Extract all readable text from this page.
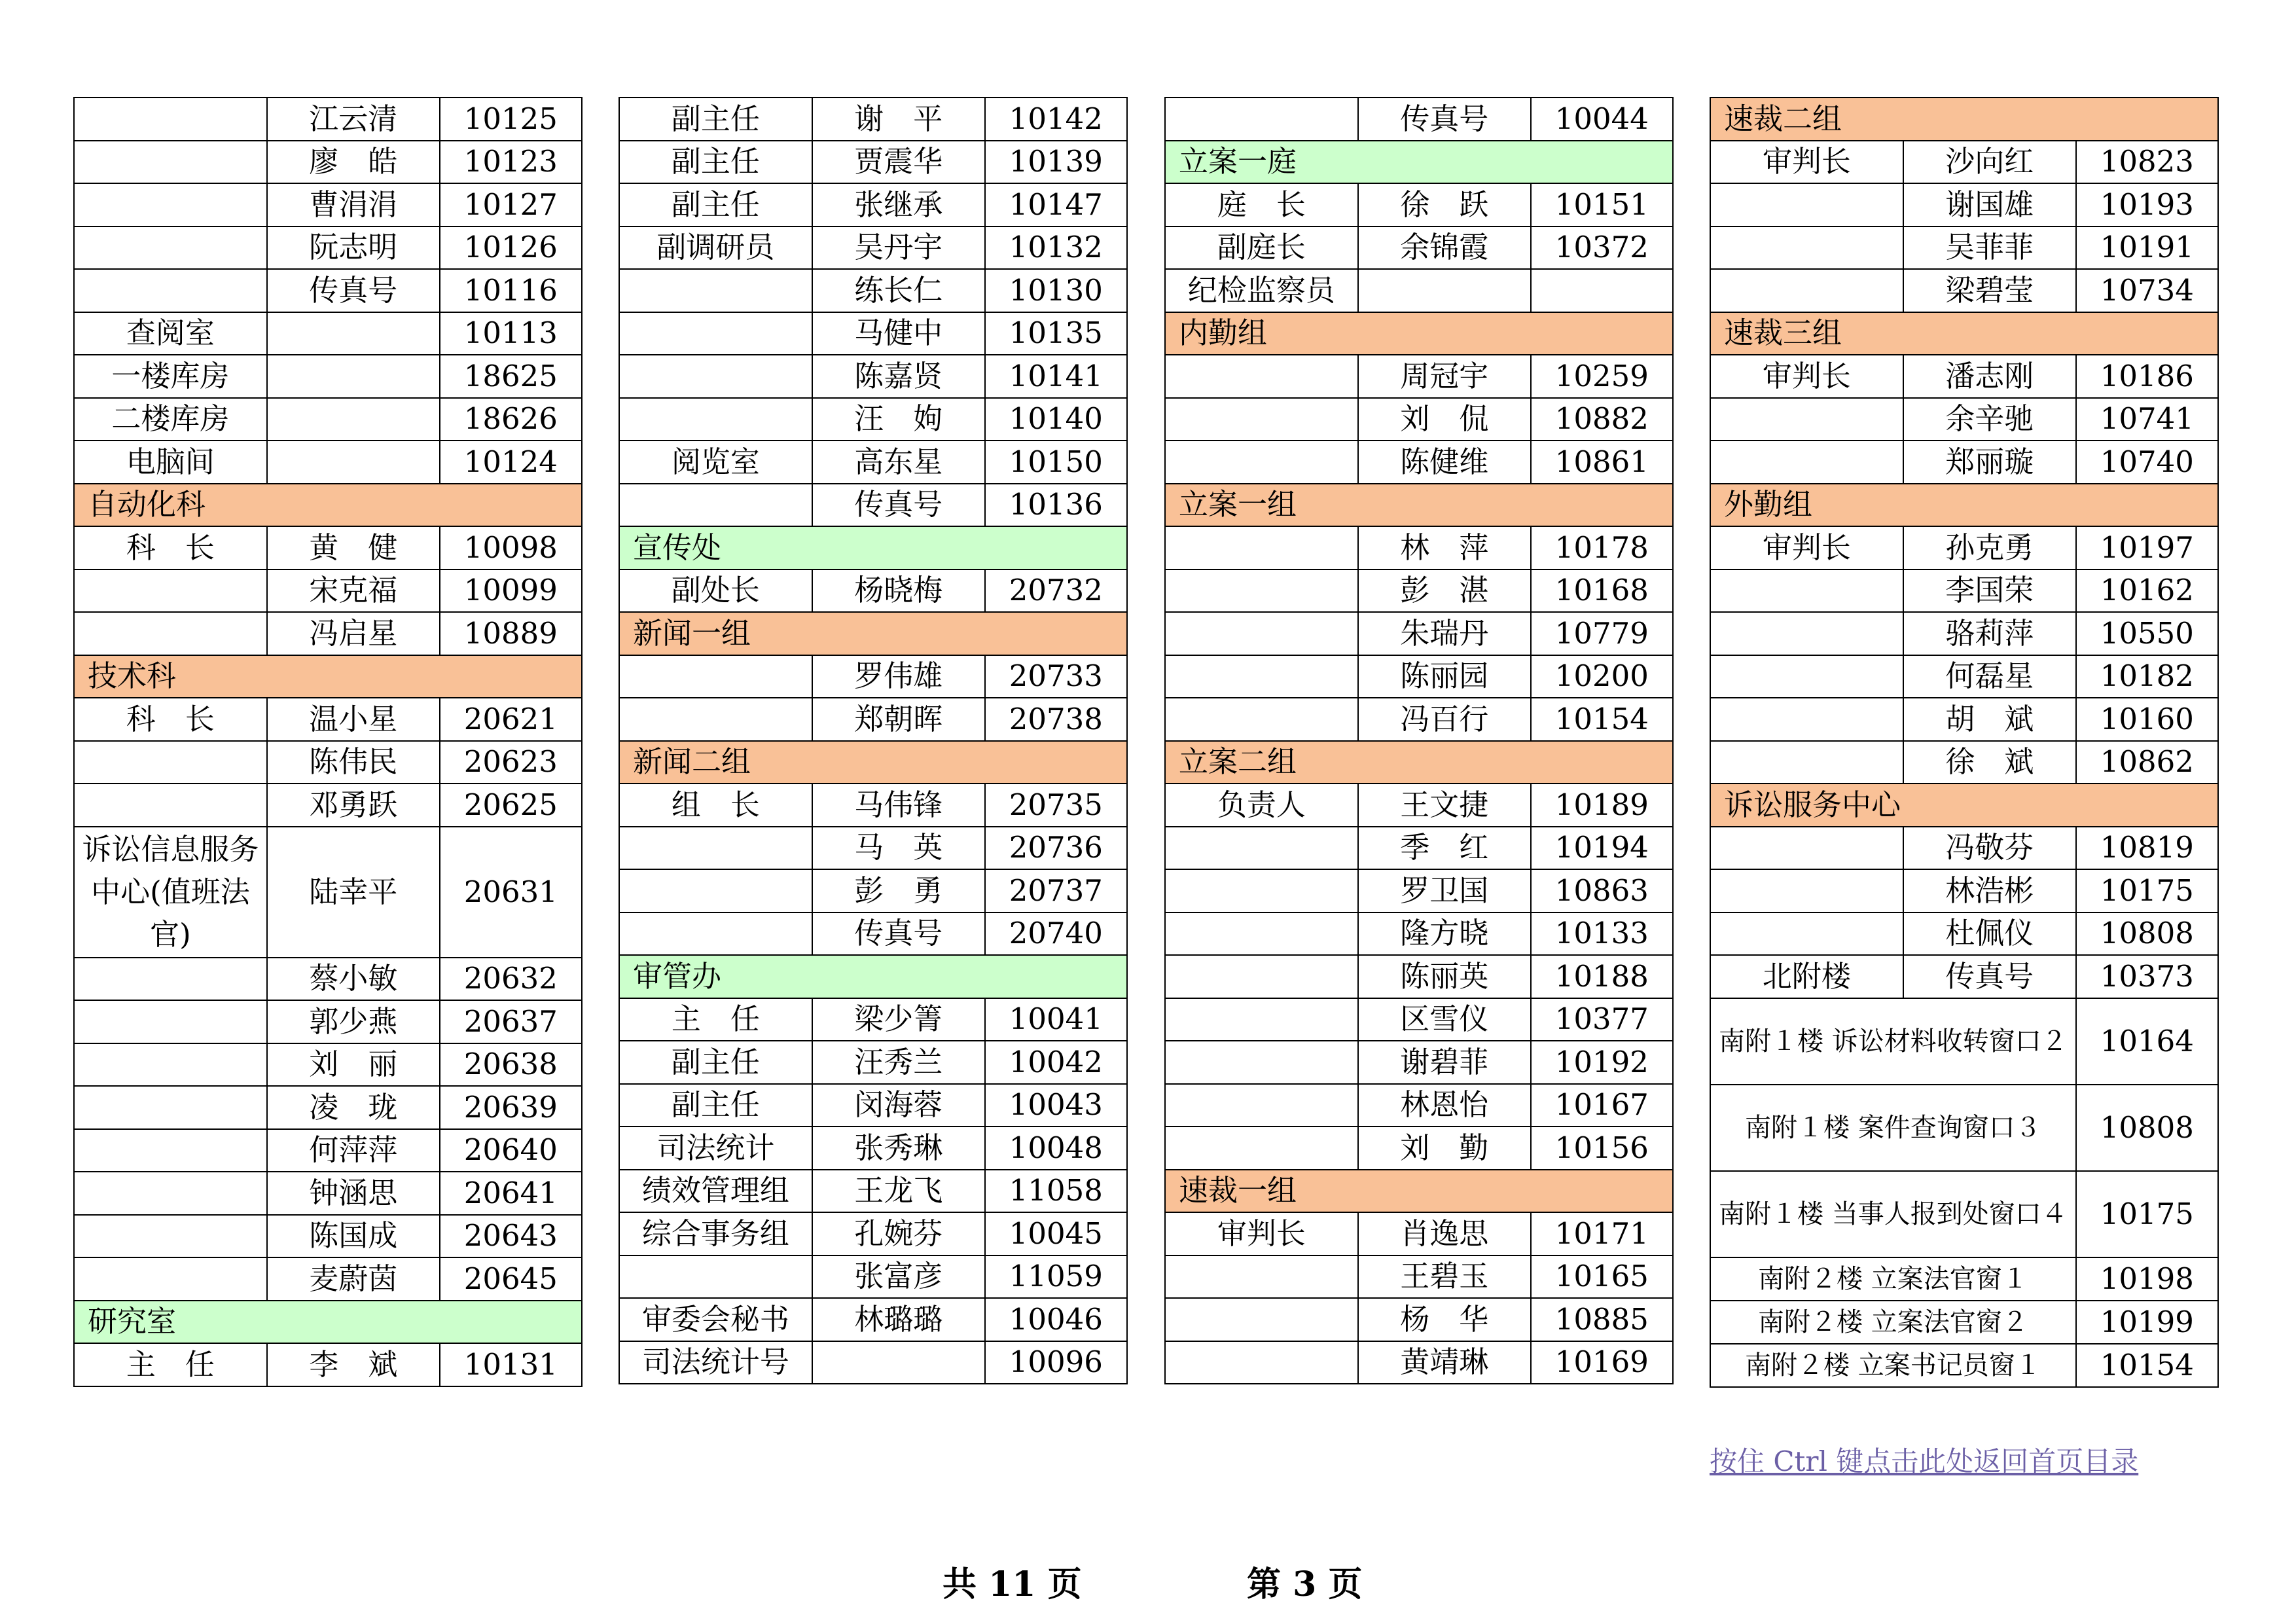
	江云清	10125
	廖　皓	10123
	曹涓涓	10127
	阮志明	10126
	传真号	10116
查阅室		10113
一楼库房		18625
二楼库房		18626
电脑间		10124
自动化科		
科　长	黄　健	10098
	宋克福	10099
	冯启星	10889
技术科		
科　长	温小星	20621
	陈伟民	20623
	邓勇跃	20625
诉讼信息服务中心(值班法官)	陆幸平	20631
	蔡小敏	20632
	郭少燕	20637
	刘　丽	20638
	凌　珑	20639
	何萍萍	20640
	钟涵思	20641
	陈国成	20643
	麦蔚茵	20645
研究室		
主　任	李　斌	10131
副主任	谢　平	10142
副主任	贾震华	10139
副主任	张继承	10147
副调研员	吴丹宇	10132
	练长仁	10130
	马健中	10135
	陈嘉贤	10141
	汪　姁	10140
阅览室	高东星	10150
	传真号	10136
宣传处		
副处长	杨晓梅	20732
新闻一组		
	罗伟雄	20733
	郑朝晖	20738
新闻二组		
组　长	马伟锋	20735
	马　英	20736
	彭　勇	20737
	传真号	20740
审管办		
主　任	梁少箐	10041
副主任	汪秀兰	10042
副主任	闵海蓉	10043
司法统计	张秀琳	10048
绩效管理组	王龙飞	11058
综合事务组	孔婉芬	10045
	张富彦	11059
审委会秘书	林璐璐	10046
司法统计号		10096
	传真号	10044
立案一庭		
庭　长	徐　跃	10151
副庭长	余锦霞	10372
纪检监察员		
内勤组		
	周冠宇	10259
	刘　侃	10882
	陈健维	10861
立案一组		
	林　萍	10178
	彭　湛	10168
	朱瑞丹	10779
	陈丽园	10200
	冯百行	10154
立案二组		
负责人	王文捷	10189
	季　红	10194
	罗卫国	10863
	隆方晓	10133
	陈丽英	10188
	区雪仪	10377
	谢碧菲	10192
	林恩怡	10167
	刘　勤	10156
速裁一组		
审判长	肖逸思	10171
	王碧玉	10165
	杨　华	10885
	黄靖琳	10169
速裁二组		
审判长	沙向红	10823
	谢国雄	10193
	吴菲菲	10191
	梁碧莹	10734
速裁三组		
审判长	潘志刚	10186
	余辛驰	10741
	郑丽璇	10740
外勤组		
审判长	孙克勇	10197
	李国荣	10162
	骆莉萍	10550
	何磊星	10182
	胡　斌	10160
	徐　斌	10862
诉讼服务中心		
	冯敬芬	10819
	林浩彬	10175
	杜佩仪	10808
北附楼	传真号	10373
南附１楼 诉讼材料收转窗口２		10164
南附１楼 案件查询窗口３		10808
南附１楼 当事人报到处窗口４		10175
南附２楼 立案法官窗１		10198
南附２楼 立案法官窗２		10199
南附２楼 立案书记员窗１		10154
按住 Ctrl 键点击此处返回首页目录
共 11 页	第 3 页
